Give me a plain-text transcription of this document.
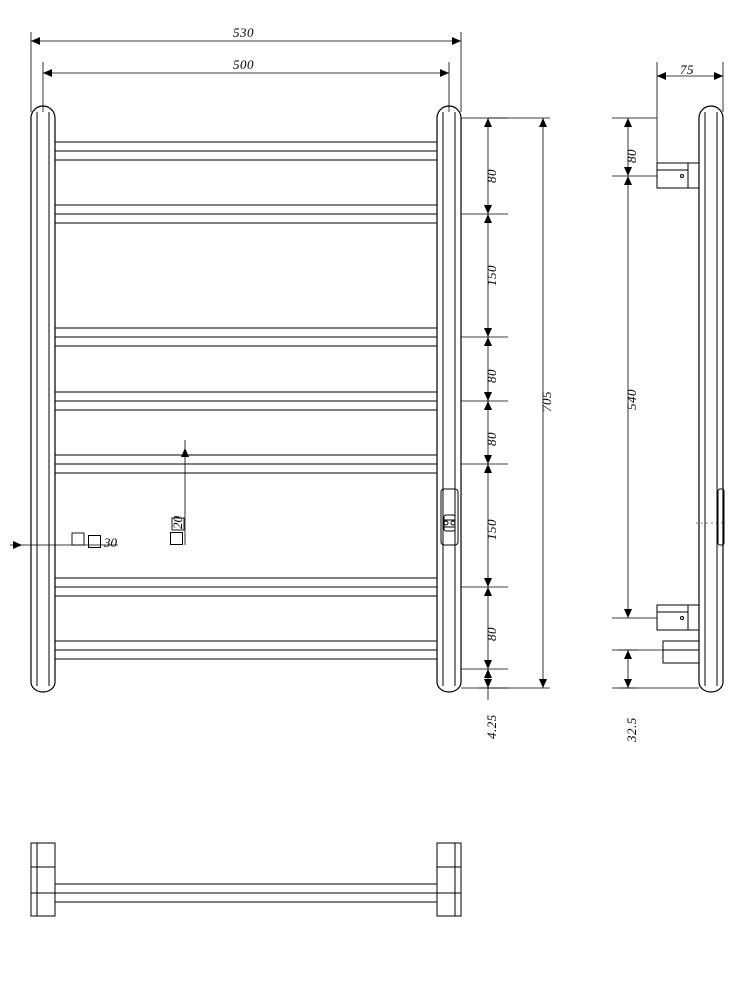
530
500
80
150
80
80
150
80
705
4.25
30
20
75
80
540
32.5
